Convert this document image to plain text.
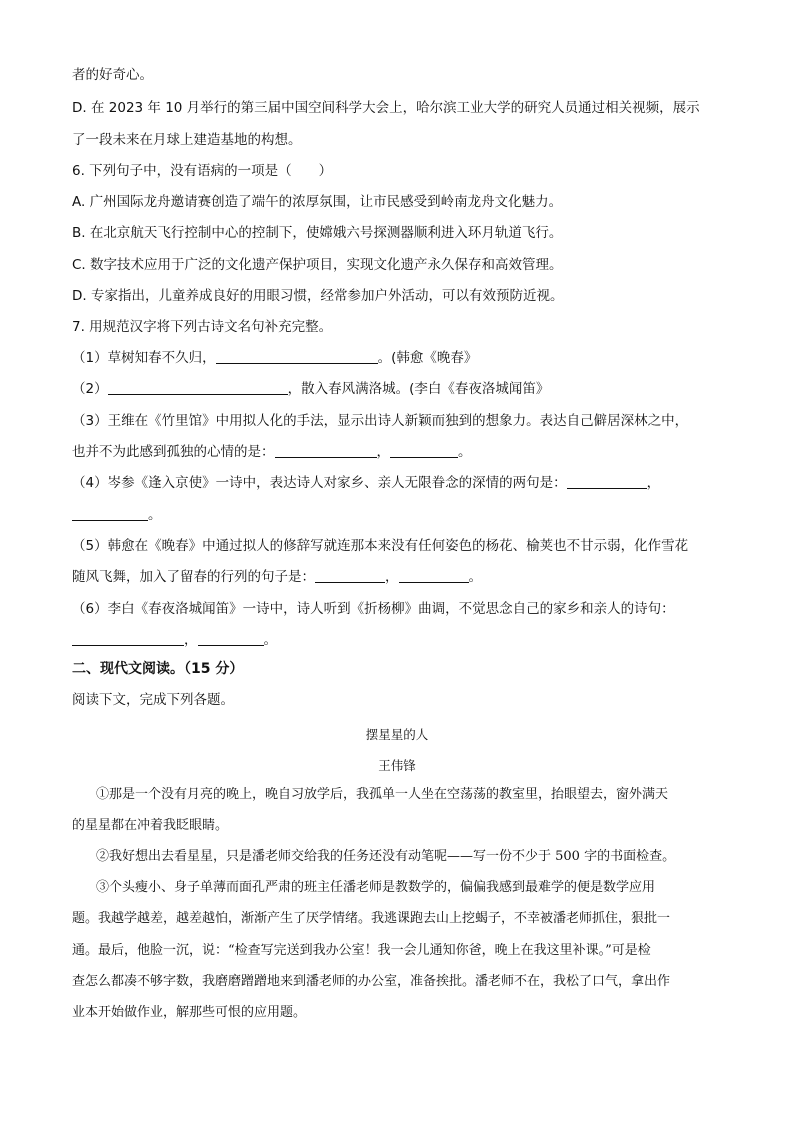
者的好奇心。
D. 在 2023 年 10 月举行的第三届中国空间科学大会上，哈尔滨工业大学的研究人员通过相关视频，展示
了一段未来在月球上建造基地的构想。
6. 下列句子中，没有语病的一项是（　　）
A. 广州国际龙舟邀请赛创造了端午的浓厚氛围，让市民感受到岭南龙舟文化魅力。
B. 在北京航天飞行控制中心的控制下，使嫦娥六号探测器顺利进入环月轨道飞行。
C. 数字技术应用于广泛的文化遗产保护项目，实现文化遗产永久保存和高效管理。
D. 专家指出，儿童养成良好的用眼习惯，经常参加户外活动，可以有效预防近视。
7. 用规范汉字将下列古诗文名句补充完整。
（1）草树知春不久归，	。(韩愈《晚春》
（2）	，散入春风满洛城。(李白《春夜洛城闻笛》
（3）王维在《竹里馆》中用拟人化的手法，显示出诗人新颖而独到的想象力。表达自己僻居深林之中，
也并不为此感到孤独的心情的是：	，	。
（4）岑参《逢入京使》一诗中，表达诗人对家乡、亲人无限眷念的深情的两句是：	，
。
（5）韩愈在《晚春》中通过拟人的修辞写就连那本来没有任何姿色的杨花、榆荚也不甘示弱，化作雪花
随风飞舞，加入了留春的行列的句子是：	，	。
（6）李白《春夜洛城闻笛》一诗中，诗人听到《折杨柳》曲调，不觉思念自己的家乡和亲人的诗句：
，	。
二、现代文阅读。（15 分）
阅读下文，完成下列各题。
摆星星的人
王伟锋
①那是一个没有月亮的晚上，晚自习放学后，我孤单一人坐在空荡荡的教室里，抬眼望去，窗外满天
的星星都在冲着我眨眼睛。
②我好想出去看星星，只是潘老师交给我的任务还没有动笔呢——写一份不少于 500 字的书面检查。
③个头瘦小、身子单薄而面孔严肃的班主任潘老师是教数学的，偏偏我感到最难学的便是数学应用
题。我越学越差，越差越怕，渐渐产生了厌学情绪。我逃课跑去山上挖蝎子，不幸被潘老师抓住，狠批一
通。最后，他脸一沉，说：“检查写完送到我办公室！我一会儿通知你爸，晚上在我这里补课。”可是检
查怎么都凑不够字数，我磨磨蹭蹭地来到潘老师的办公室，准备挨批。潘老师不在，我松了口气，拿出作
业本开始做作业，解那些可恨的应用题。
